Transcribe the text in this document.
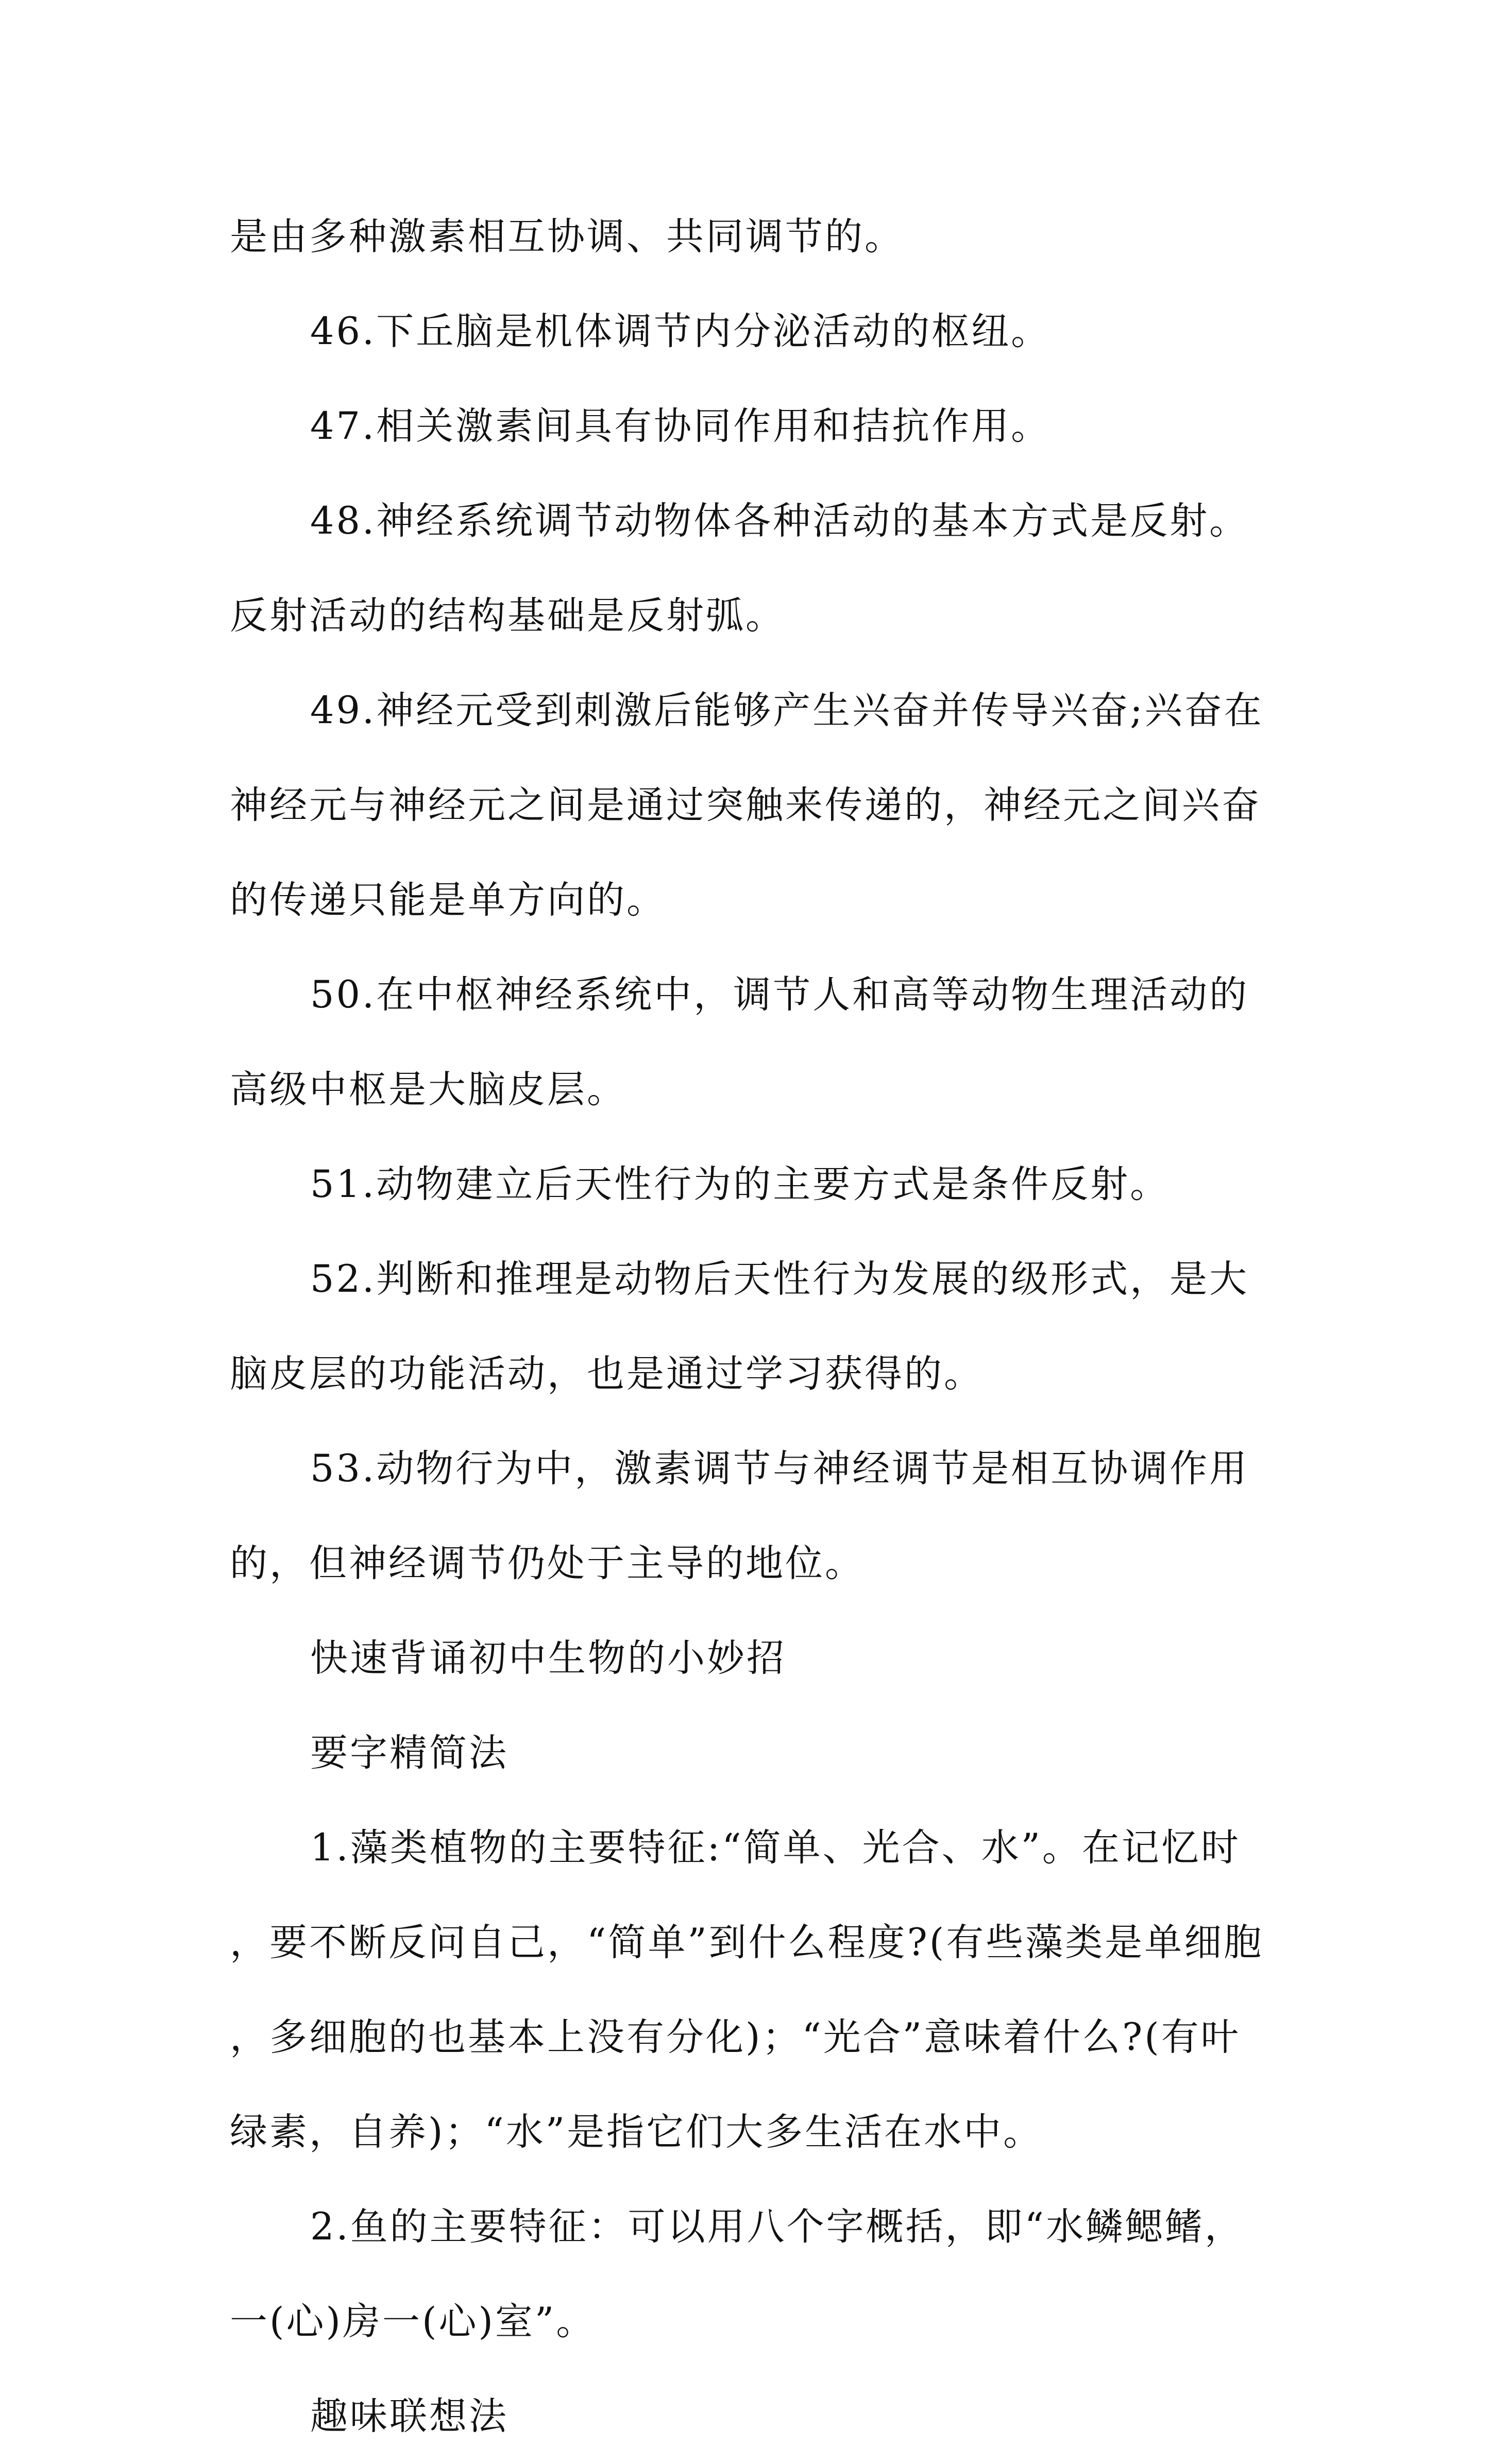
是由多种激素相互协调、共同调节的。

46.下丘脑是机体调节内分泌活动的枢纽。

47.相关激素间具有协同作用和拮抗作用。

48.神经系统调节动物体各种活动的基本方式是反射。反射活动的结构基础是反射弧。

49.神经元受到刺激后能够产生兴奋并传导兴奋;兴奋在神经元与神经元之间是通过突触来传递的，神经元之间兴奋的传递只能是单方向的。

50.在中枢神经系统中，调节人和高等动物生理活动的高级中枢是大脑皮层。

51.动物建立后天性行为的主要方式是条件反射。

52.判断和推理是动物后天性行为发展的级形式，是大脑皮层的功能活动，也是通过学习获得的。

53.动物行为中，激素调节与神经调节是相互协调作用的，但神经调节仍处于主导的地位。

快速背诵初中生物的小妙招

要字精简法

1.藻类植物的主要特征:“简单、光合、水”。在记忆时，要不断反问自己，“简单”到什么程度?(有些藻类是单细胞，多细胞的也基本上没有分化)；“光合”意味着什么?(有叶绿素，自养)；“水”是指它们大多生活在水中。

2.鱼的主要特征：可以用八个字概括，即“水鳞鳃鳍，一(心)房一(心)室”。

趣味联想法
